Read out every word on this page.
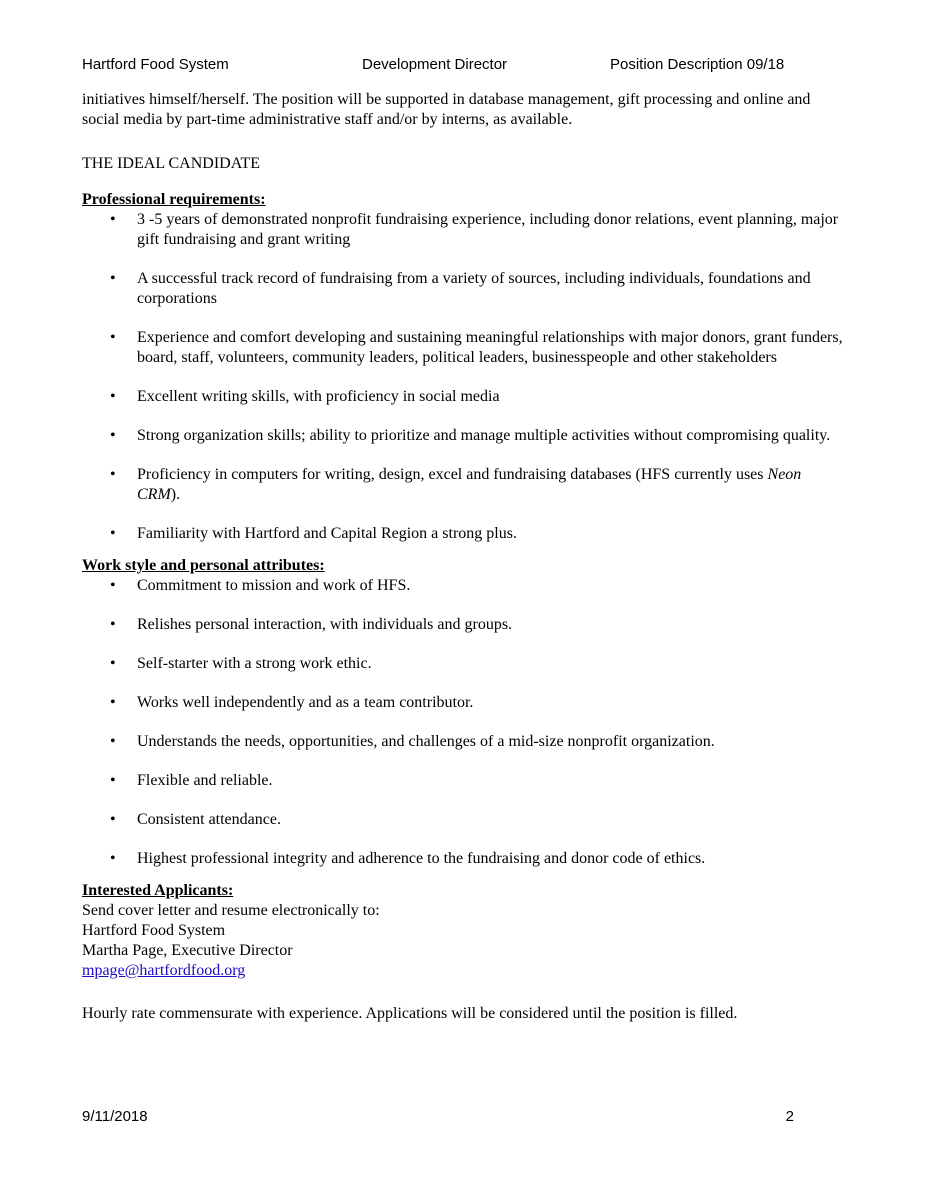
Hartford Food System	Development Director	Position Description 09/18

initiatives himself/herself. The position will be supported in database management, gift processing and online and social media by part-time administrative staff and/or by interns, as available.

THE IDEAL CANDIDATE

Professional requirements:

• 3 -5 years of demonstrated nonprofit fundraising experience, including donor relations, event planning, major gift fundraising and grant writing
• A successful track record of fundraising from a variety of sources, including individuals, foundations and corporations
• Experience and comfort developing and sustaining meaningful relationships with major donors, grant funders, board, staff, volunteers, community leaders, political leaders, businesspeople and other stakeholders
• Excellent writing skills, with proficiency in social media
• Strong organization skills; ability to prioritize and manage multiple activities without compromising quality.
• Proficiency in computers for writing, design, excel and fundraising databases (HFS currently uses Neon CRM).
• Familiarity with Hartford and Capital Region a strong plus.

Work style and personal attributes:

• Commitment to mission and work of HFS.
• Relishes personal interaction, with individuals and groups.
• Self-starter with a strong work ethic.
• Works well independently and as a team contributor.
• Understands the needs, opportunities, and challenges of a mid-size nonprofit organization.
• Flexible and reliable.
• Consistent attendance.
• Highest professional integrity and adherence to the fundraising and donor code of ethics.

Interested Applicants:

Send cover letter and resume electronically to:

Hartford Food System

Martha Page, Executive Director

mpage@hartfordfood.org

Hourly rate commensurate with experience. Applications will be considered until the position is filled.

9/11/2018	2
